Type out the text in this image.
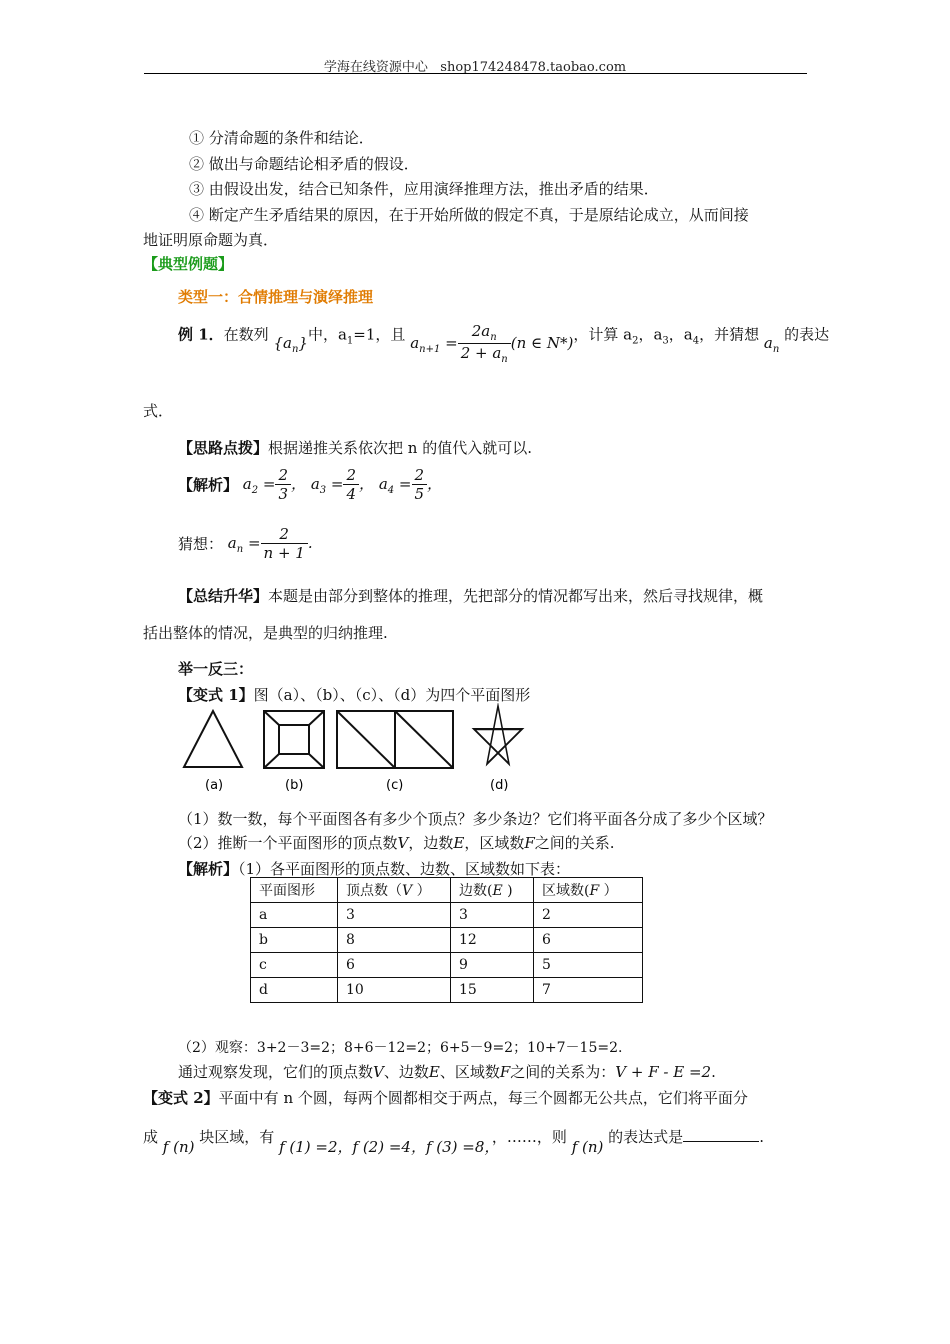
学海在线资源中心 shop174248478.taobao.com
① 分清命题的条件和结论．
② 做出与命题结论相矛盾的假设．
③ 由假设出发，结合已知条件，应用演绎推理方法，推出矛盾的结果．
④ 断定产生矛盾结果的原因，在于开始所做的假定不真，于是原结论成立，从而间接
地证明原命题为真．
【典型例题】
类型一：合情推理与演绎推理
例 1．在数列 $\{a_n\}$中，$a_1=1$，且 $a_{n+1} = \frac{2a_n}{2 + a_n} (n$ ∈ N*)，计算 $a_2$，$a_3$，$a_4$，并猜想 $a_n$ 的表达
式．
【思路点拨】根据递推关系依次把 n 的值代入就可以.
【解析】 $a_2 = \frac{2}{3}$ ， $a_3 = \frac{2}{4}$ ， $a_4 = \frac{2}{5}$ ，
猜想： $a_n = \frac{2}{n + 1}$ .
【总结升华】本题是由部分到整体的推理，先把部分的情况都写出来，然后寻找规律，概
括出整体的情况，是典型的归纳推理.
举一反三：
【变式 1】图（a）、（b）、（c）、（d）为四个平面图形
(a)	(b)	(c)	(d)
（1）数一数，每个平面图各有多少个顶点？多少条边？它们将平面各分成了多少个区域？
（2）推断一个平面图形的顶点数V，边数E，区域数F之间的关系.
【解析】（1）各平面图形的顶点数、边数、区域数如下表：
平面图形	顶点数（V ）	边数(E )	区域数(F ）
a	3	3	2
b	8	12	6
c	6	9	5
d	10	15	7
（2）观察：3+2－3=2；8+6－12=2；6+5－9=2；10+7－15=2.
通过观察发现，它们的顶点数V、边数E、区域数F之间的关系为：V + F - E =2.
【变式 2】平面中有 n 个圆，每两个圆都相交于两点，每三个圆都无公共点，它们将平面分
成 f (n) 块区域，有 f (1) =2，f (2) =4，f (3) =8，，……，则 f (n) 的表达式是	.
